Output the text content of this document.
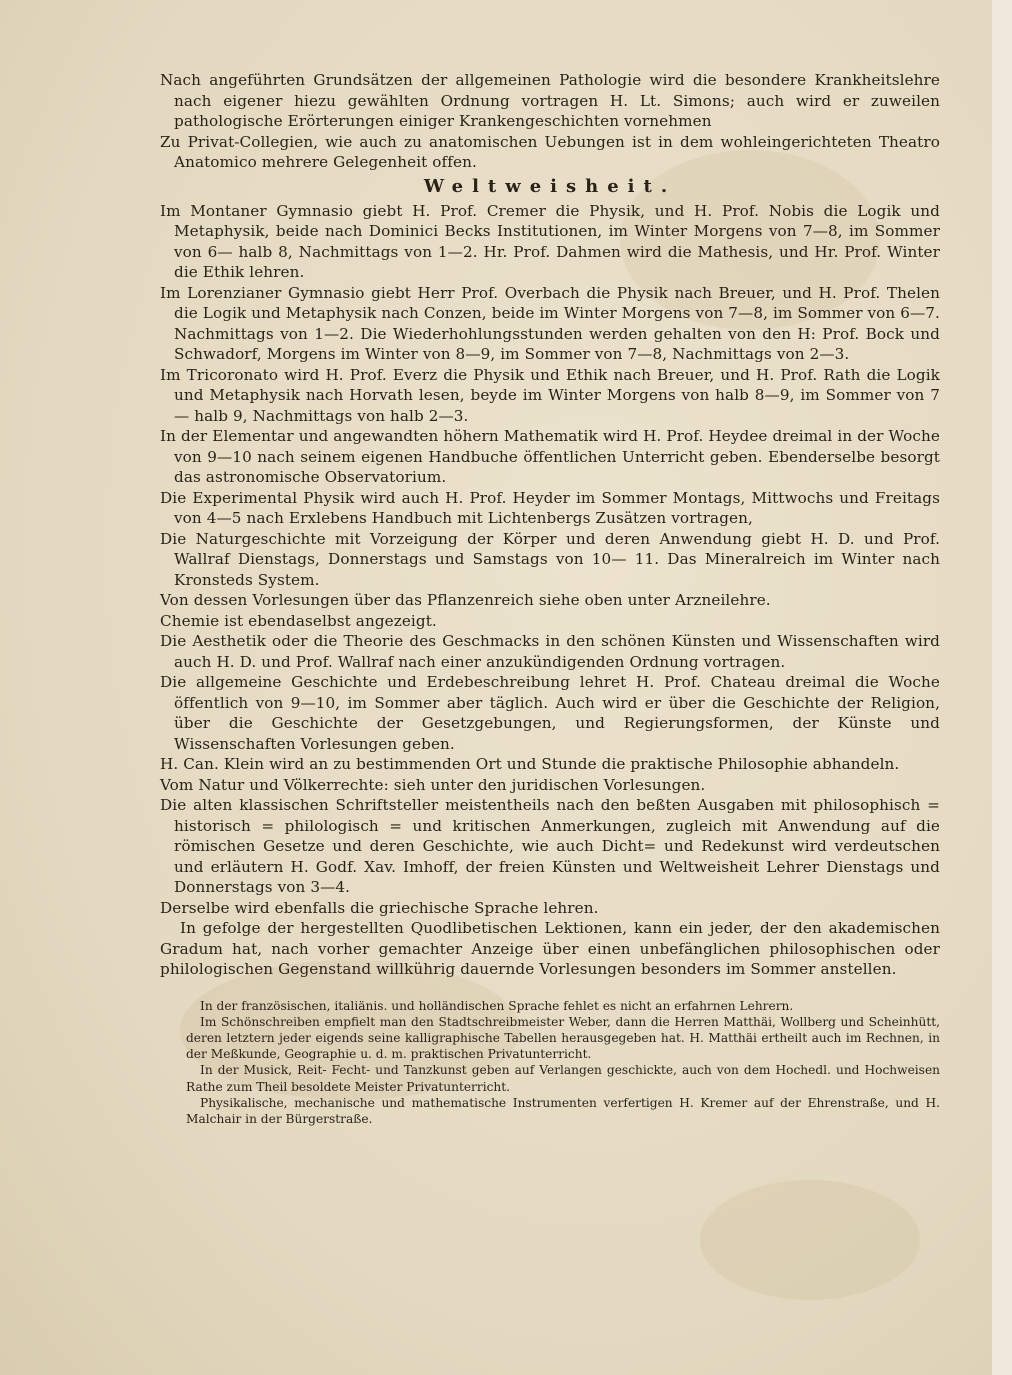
Nach angeführten Grundsätzen der allgemeinen Pathologie wird die besondere Krankheitslehre nach eigener hiezu gewählten Ordnung vortragen H. Lt. Simons; auch wird er zuweilen pathologische Erörterungen einiger Krankengeschichten vornehmen

Zu Privat-Collegien, wie auch zu anatomischen Uebungen ist in dem wohleingerichteten Theatro Anatomico mehrere Gelegenheit offen.

Weltweisheit.

Im Montaner Gymnasio giebt H. Prof. Cremer die Physik, und H. Prof. Nobis die Logik und Metaphysik, beide nach Dominici Becks Institutionen, im Winter Morgens von 7—8, im Sommer von 6— halb 8, Nachmittags von 1—2. Hr. Prof. Dahmen wird die Mathesis, und Hr. Prof. Winter die Ethik lehren.

Im Lorenzianer Gymnasio giebt Herr Prof. Overbach die Physik nach Breuer, und H. Prof. Thelen die Logik und Metaphysik nach Conzen, beide im Winter Morgens von 7—8, im Sommer von 6—7. Nachmittags von 1—2. Die Wiederhohlungsstunden werden gehalten von den H: Prof. Bock und Schwadorf, Morgens im Winter von 8—9, im Sommer von 7—8, Nachmittags von 2—3.

Im Tricoronato wird H. Prof. Everz die Physik und Ethik nach Breuer, und H. Prof. Rath die Logik und Metaphysik nach Horvath lesen, beyde im Winter Morgens von halb 8—9, im Sommer von 7— halb 9, Nachmittags von halb 2—3.

In der Elementar und angewandten höhern Mathematik wird H. Prof. Heydee dreimal in der Woche von 9—10 nach seinem eigenen Handbuche öffentlichen Unterricht geben. Ebenderselbe besorgt das astronomische Observatorium.

Die Experimental Physik wird auch H. Prof. Heyder im Sommer Montags, Mittwochs und Freitags von 4—5 nach Erxlebens Handbuch mit Lichtenbergs Zusätzen vortragen,

Die Naturgeschichte mit Vorzeigung der Körper und deren Anwendung giebt H. D. und Prof. Wallraf Dienstags, Donnerstags und Samstags von 10— 11. Das Mineralreich im Winter nach Kronsteds System.

Von dessen Vorlesungen über das Pflanzenreich siehe oben unter Arzneilehre.

Chemie ist ebendaselbst angezeigt.

Die Aesthetik oder die Theorie des Geschmacks in den schönen Künsten und Wissenschaften wird auch H. D. und Prof. Wallraf nach einer anzukündigenden Ordnung vortragen.

Die allgemeine Geschichte und Erdebeschreibung lehret H. Prof. Chateau dreimal die Woche öffentlich von 9—10, im Sommer aber täglich. Auch wird er über die Geschichte der Religion, über die Geschichte der Gesetzgebungen, und Regierungsformen, der Künste und Wissenschaften Vorlesungen geben.

H. Can. Klein wird an zu bestimmenden Ort und Stunde die praktische Philosophie abhandeln.

Vom Natur und Völkerrechte: sieh unter den juridischen Vorlesungen.

Die alten klassischen Schriftsteller meistentheils nach den beßten Ausgaben mit philosophisch = historisch = philologisch = und kritischen Anmerkungen, zugleich mit Anwendung auf die römischen Gesetze und deren Geschichte, wie auch Dicht= und Redekunst wird verdeutschen und erläutern H. Godf. Xav. Imhoff, der freien Künsten und Weltweisheit Lehrer Dienstags und Donnerstags von 3—4.

Derselbe wird ebenfalls die griechische Sprache lehren.

In gefolge der hergestellten Quodlibetischen Lektionen, kann ein jeder, der den akademischen Gradum hat, nach vorher gemachter Anzeige über einen unbefänglichen philosophischen oder philologischen Gegenstand willkührig dauernde Vorlesungen besonders im Sommer anstellen.

In der französischen, italiänis. und holländischen Sprache fehlet es nicht an erfahrnen Lehrern.

Im Schönschreiben empfielt man den Stadtschreibmeister Weber, dann die Herren Matthäi, Wollberg und Scheinhütt, deren letztern jeder eigends seine kalligraphische Tabellen herausgegeben hat. H. Matthäi ertheilt auch im Rechnen, in der Meßkunde, Geographie u. d. m. praktischen Privatunterricht.

In der Musick, Reit- Fecht- und Tanzkunst geben auf Verlangen geschickte, auch von dem Hochedl. und Hochweisen Rathe zum Theil besoldete Meister Privatunterricht.

Physikalische, mechanische und mathematische Instrumenten verfertigen H. Kremer auf der Ehrenstraße, und H. Malchair in der Bürgerstraße.
